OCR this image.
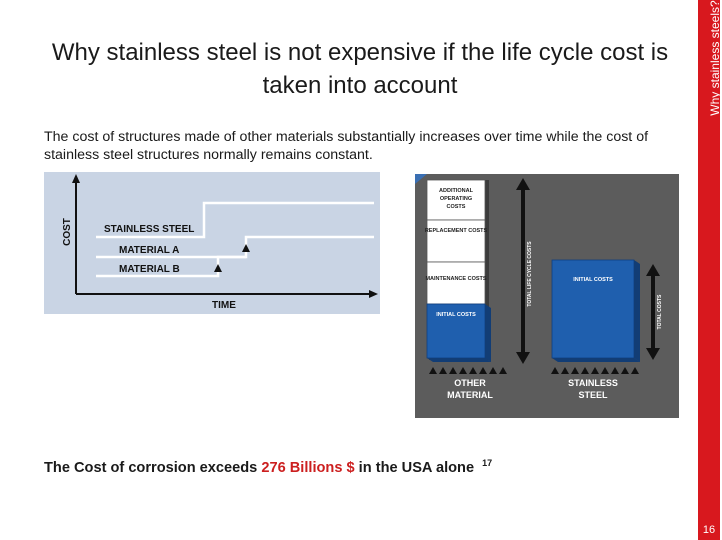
Why stainless steels?
16
Why stainless steel is not expensive if the life cycle cost is taken into account
The cost of structures made of other materials substantially increases over time while the cost of stainless steel structures normally remains constant.
COST
TIME
STAINLESS STEEL
MATERIAL A
MATERIAL B
ADDITIONAL OPERATING COSTS
REPLACEMENT COSTS
MAINTENANCE COSTS
INITIAL COSTS
TOTAL LIFE CYCLE COSTS	INITIAL COSTS
TOTAL COSTS
OTHER
MATERIAL
STAINLESS
STEEL
The Cost of corrosion exceeds 276 Billions $ in the USA alone $^{17}$
